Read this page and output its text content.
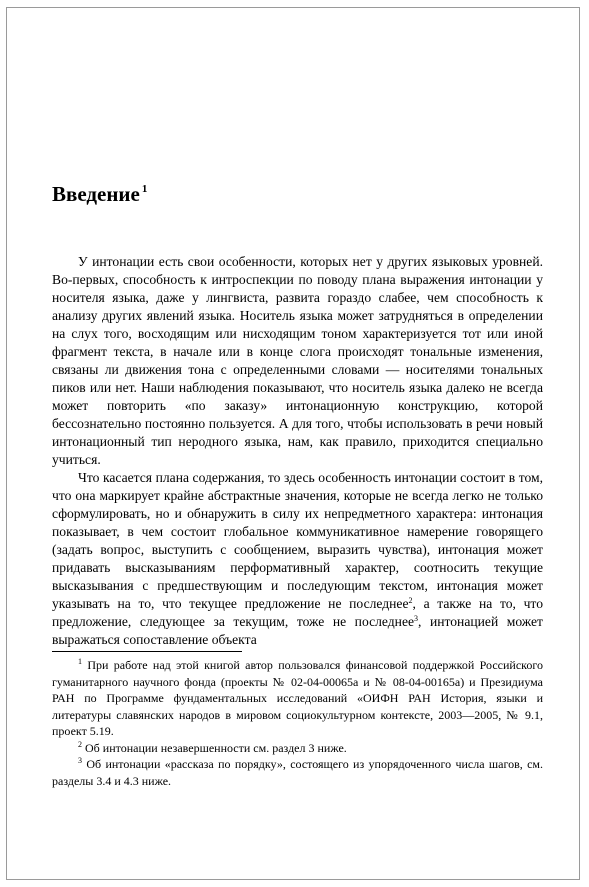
Введение $^1$

У интонации есть свои особенности, которых нет у других языковых уровней. Во-первых, способность к интроспекции по поводу плана выражения интонации у носителя языка, даже у лингвиста, развита гораздо слабее, чем способность к анализу других явлений языка. Носитель языка может затрудняться в определении на слух того, восходящим или нисходящим тоном характеризуется тот или иной фрагмент текста, в начале или в конце слога происходят тональные изменения, связаны ли движения тона с определенными словами — носителями тональных пиков или нет. Наши наблюдения показывают, что носитель языка далеко не всегда может повторить «по заказу» интонационную конструкцию, которой бессознательно постоянно пользуется. А для того, чтобы использовать в речи новый интонационный тип неродного языка, нам, как правило, приходится специально учиться.

Что касается плана содержания, то здесь особенность интонации состоит в том, что она маркирует крайне абстрактные значения, которые не всегда легко не только сформулировать, но и обнаружить в силу их непредметного характера: интонация показывает, в чем состоит глобальное коммуникативное намерение говорящего (задать вопрос, выступить с сообщением, выразить чувства), интонация может придавать высказываниям перформативный характер, соотносить текущие высказывания с предшествующим и последующим текстом, интонация может указывать на то, что текущее предложение не последнее$^2$, а также на то, что предложение, следующее за текущим, тоже не последнее$^3$, интонацией может выражаться сопоставление объекта

$^1$ При работе над этой книгой автор пользовался финансовой поддержкой Российского гуманитарного научного фонда (проекты № 02-04-00065а и № 08-04-00165а) и Президиума РАН по Программе фундаментальных исследований «ОИФН РАН История, языки и литературы славянских народов в мировом социокультурном контексте, 2003—2005, № 9.1, проект 5.19.

$^2$ Об интонации незавершенности см. раздел 3 ниже.

$^3$ Об интонации «рассказа по порядку», состоящего из упорядоченного числа шагов, см. разделы 3.4 и 4.3 ниже.
